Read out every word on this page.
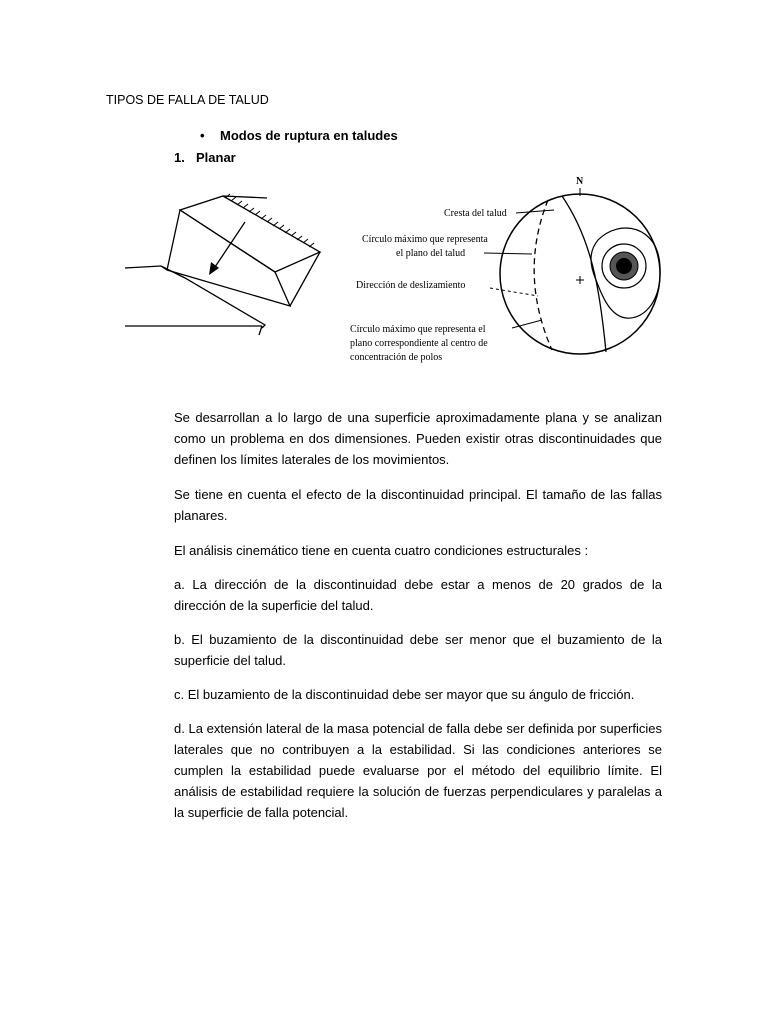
TIPOS DE FALLA DE TALUD
• Modos de ruptura en taludes
1. Planar
N
Cresta del talud
Círculo máximo que representa
el plano del talud
Dirección de deslizamiento
Círculo máximo que representa el
plano correspondiente al centro de
concentración de polos
Se desarrollan a lo largo de una superficie aproximadamente plana y se analizan como un problema en dos dimensiones. Pueden existir otras discontinuidades que definen los límites laterales de los movimientos.
Se tiene en cuenta el efecto de la discontinuidad principal. El tamaño de las fallas planares.
El análisis cinemático tiene en cuenta cuatro condiciones estructurales :
a. La dirección de la discontinuidad debe estar a menos de 20 grados de la dirección de la superficie del talud.
b. El buzamiento de la discontinuidad debe ser menor que el buzamiento de la superficie del talud.
c. El buzamiento de la discontinuidad debe ser mayor que su ángulo de fricción.
d. La extensión lateral de la masa potencial de falla debe ser definida por superficies laterales que no contribuyen a la estabilidad. Si las condiciones anteriores se cumplen la estabilidad puede evaluarse por el método del equilibrio límite. El análisis de estabilidad requiere la solución de fuerzas perpendiculares y paralelas a la superficie de falla potencial.
